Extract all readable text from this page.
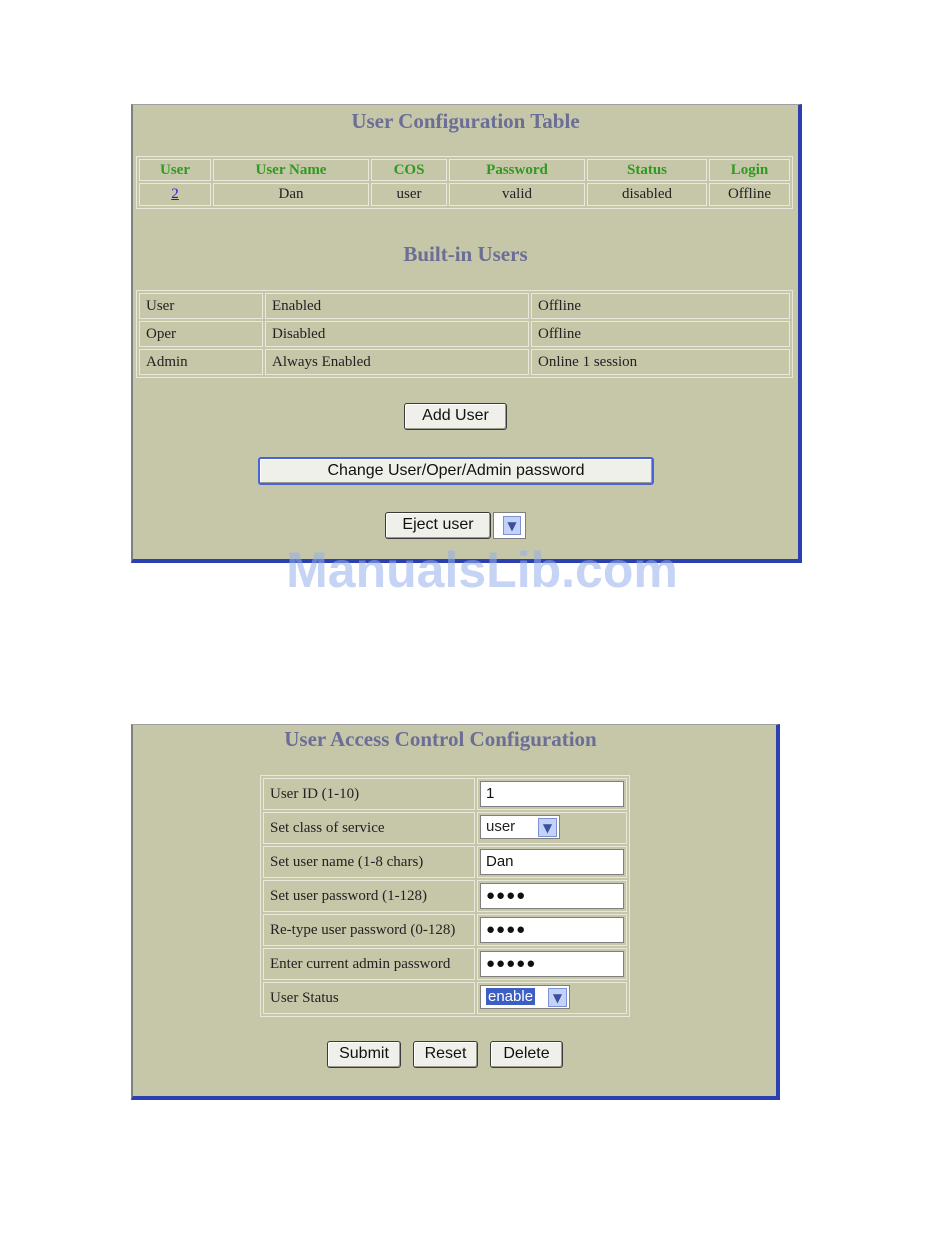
User Configuration Table
User	User Name	COS	Password	Status	Login
2	Dan	user	valid	disabled	Offline
Built-in Users
User	Enabled	Offline
Oper	Disabled	Offline
Admin	Always Enabled	Online 1 session
Add User
Change User/Oper/Admin password
Eject user	▼
ManualsLib.com
User Access Control Configuration
User ID (1-10)	1

Set class of service	user ▼

Set user name (1-8 chars)	Dan

Set user password (1-128)	●●●●

Re-type user password (0-128)	●●●●

Enter current admin password	●●●●●

User Status	enable ▼
Submit	Reset	Delete
